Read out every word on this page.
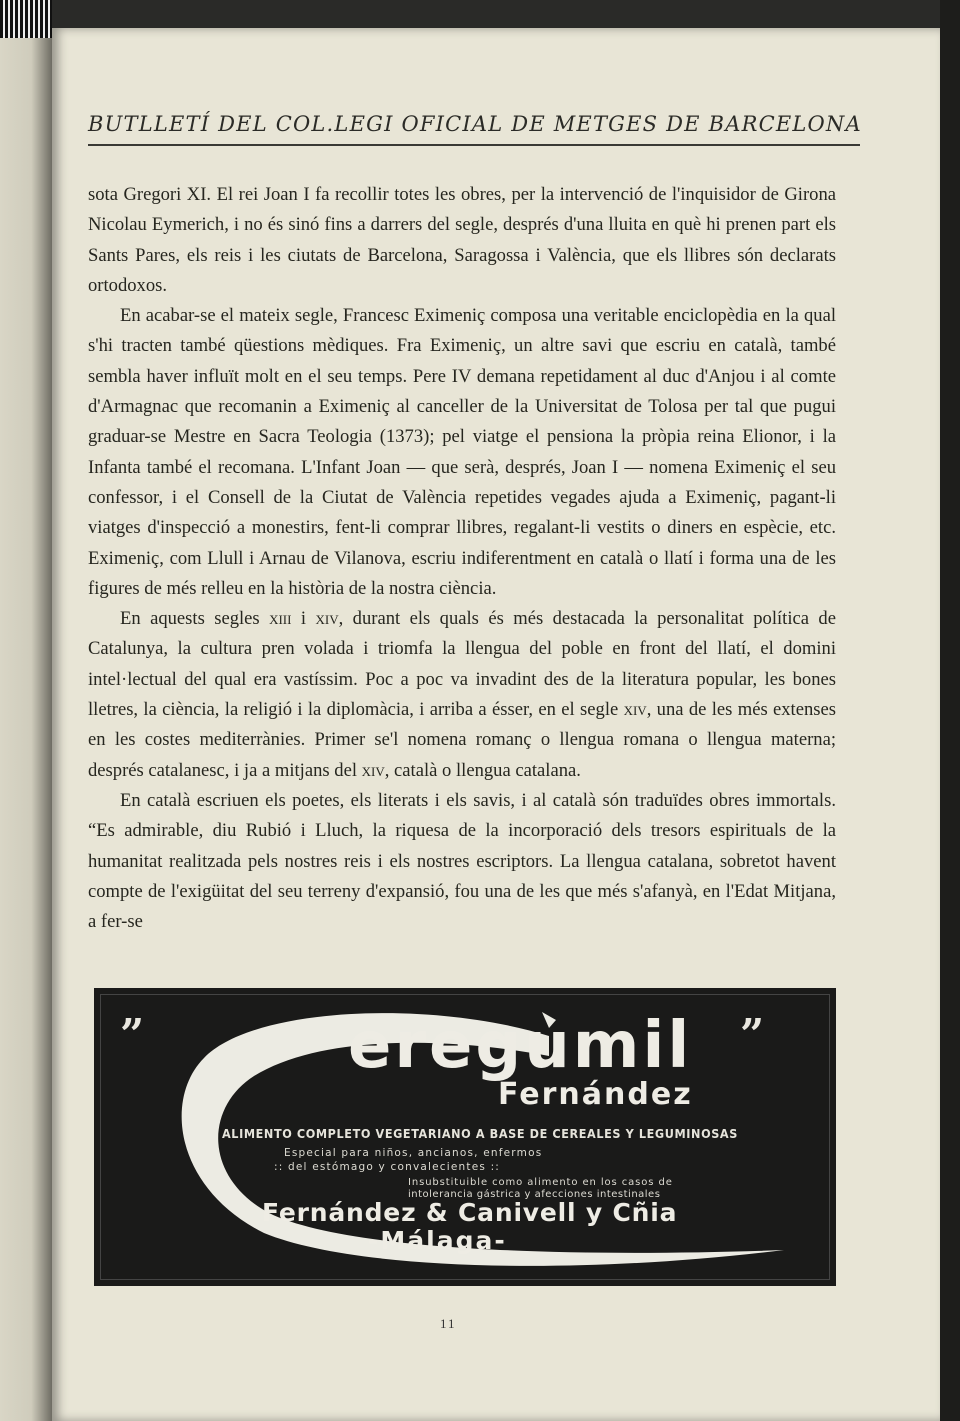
BUTLLETÍ DEL COL.LEGI OFICIAL DE METGES DE BARCELONA

sota Gregori XI. El rei Joan I fa recollir totes les obres, per la intervenció de l'inquisidor de Girona Nicolau Eymerich, i no és sinó fins a darrers del segle, després d'una lluita en què hi prenen part els Sants Pares, els reis i les ciutats de Barcelona, Saragossa i València, que els llibres són declarats ortodoxos.

En acabar-se el mateix segle, Francesc Eximeniç composa una veritable enciclopèdia en la qual s'hi tracten també qüestions mèdiques. Fra Eximeniç, un altre savi que escriu en català, també sembla haver influït molt en el seu temps. Pere IV demana repetidament al duc d'Anjou i al comte d'Armagnac que recomanin a Eximeniç al canceller de la Universitat de Tolosa per tal que pugui graduar-se Mestre en Sacra Teologia (1373); pel viatge el pensiona la pròpia reina Elionor, i la Infanta també el recomana. L'Infant Joan — que serà, després, Joan I — nomena Eximeniç el seu confessor, i el Consell de la Ciutat de València repetides vegades ajuda a Eximeniç, pagant-li viatges d'inspecció a monestirs, fent-li comprar llibres, regalant-li vestits o diners en espècie, etc. Eximeniç, com Llull i Arnau de Vilanova, escriu indiferentment en català o llatí i forma una de les figures de més relleu en la història de la nostra ciència.

En aquests segles xiii i xiv, durant els quals és més destacada la personalitat política de Catalunya, la cultura pren volada i triomfa la llengua del poble en front del llatí, el domini intel·lectual del qual era vastíssim. Poc a poc va invadint des de la literatura popular, les bones lletres, la ciència, la religió i la diplomàcia, i arriba a ésser, en el segle xiv, una de les més extenses en les costes mediterrànies. Primer se'l nomena romanç o llengua romana o llengua materna; després catalanesc, i ja a mitjans del xiv, català o llengua catalana.

En català escriuen els poetes, els literats i els savis, i al català són traduïdes obres immortals. “Es admirable, diu Rubió i Lluch, la riquesa de la incorporació dels tresors espirituals de la humanitat realitzada pels nostres reis i els nostres escriptors. La llengua catalana, sobretot havent compte de l'exigüitat del seu terreny d'expansió, fou una de les que més s'afanyà, en l'Edat Mitjana, a fer-se

”	”
eregumil
Fernández
ALIMENTO COMPLETO VEGETARIANO A BASE DE CEREALES Y LEGUMINOSAS
Especial para niños, ancianos, enfermos
:: del estómago y convalecientes ::
Insubstituible como alimento en los casos de
intolerancia gástrica y afecciones intestinales
Fernández & Canivell y Cñia
-Málaga-
11
